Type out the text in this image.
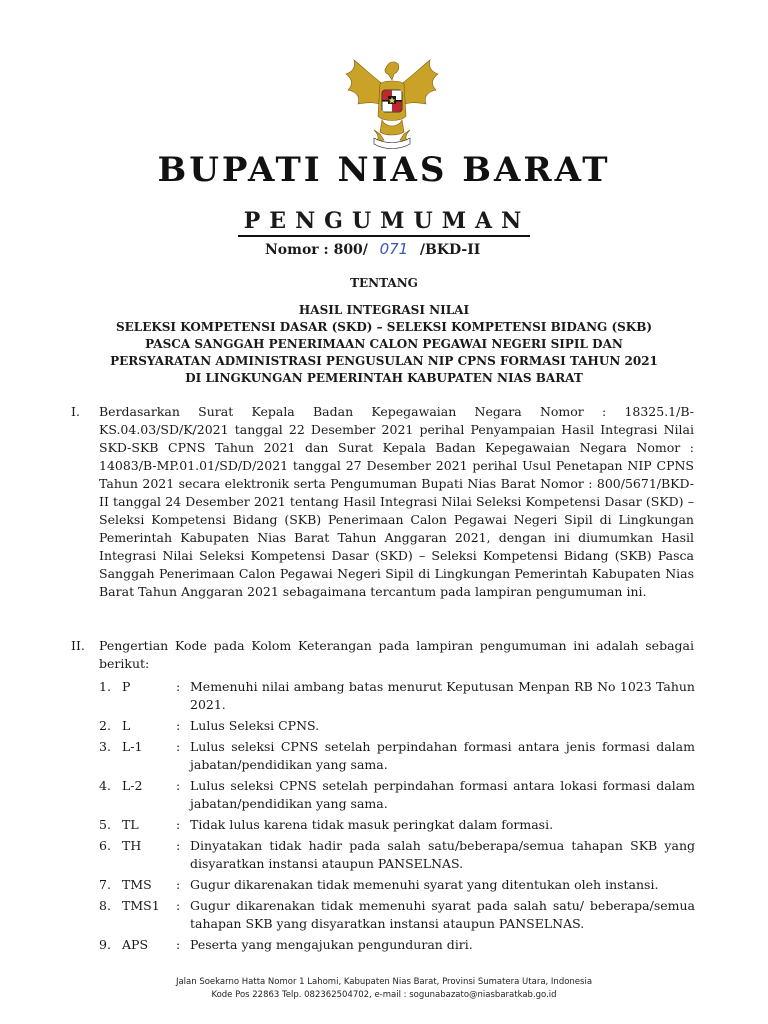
BUPATI NIAS BARAT
PENGUMUMAN
Nomor : 800/ 071 /BKD-II
TENTANG
HASIL INTEGRASI NILAI
SELEKSI KOMPETENSI DASAR (SKD) – SELEKSI KOMPETENSI BIDANG (SKB)
PASCA SANGGAH PENERIMAAN CALON PEGAWAI NEGERI SIPIL DAN
PERSYARATAN ADMINISTRASI PENGUSULAN NIP CPNS FORMASI TAHUN 2021
DI LINGKUNGAN PEMERINTAH KABUPATEN NIAS BARAT
I. Berdasarkan Surat Kepala Badan Kepegawaian Negara Nomor : 18325.1/B-KS.04.03/SD/K/2021 tanggal 22 Desember 2021 perihal Penyampaian Hasil Integrasi Nilai SKD-SKB CPNS Tahun 2021 dan Surat Kepala Badan Kepegawaian Negara Nomor : 14083/B-MP.01.01/SD/D/2021 tanggal 27 Desember 2021 perihal Usul Penetapan NIP CPNS Tahun 2021 secara elektronik serta Pengumuman Bupati Nias Barat Nomor : 800/5671/BKD-II tanggal 24 Desember 2021 tentang Hasil Integrasi Nilai Seleksi Kompetensi Dasar (SKD) – Seleksi Kompetensi Bidang (SKB) Penerimaan Calon Pegawai Negeri Sipil di Lingkungan Pemerintah Kabupaten Nias Barat Tahun Anggaran 2021, dengan ini diumumkan Hasil Integrasi Nilai Seleksi Kompetensi Dasar (SKD) – Seleksi Kompetensi Bidang (SKB) Pasca Sanggah Penerimaan Calon Pegawai Negeri Sipil di Lingkungan Pemerintah Kabupaten Nias Barat Tahun Anggaran 2021 sebagaimana tercantum pada lampiran pengumuman ini.
II. Pengertian Kode pada Kolom Keterangan pada lampiran pengumuman ini adalah sebagai berikut:
1. P	: Memenuhi nilai ambang batas menurut Keputusan Menpan RB No 1023 Tahun 2021.
2. L	: Lulus Seleksi CPNS.
3. L-1	: Lulus seleksi CPNS setelah perpindahan formasi antara jenis formasi dalam jabatan/pendidikan yang sama.
4. L-2	: Lulus seleksi CPNS setelah perpindahan formasi antara lokasi formasi dalam jabatan/pendidikan yang sama.
5. TL	: Tidak lulus karena tidak masuk peringkat dalam formasi.
6. TH	: Dinyatakan tidak hadir pada salah satu/beberapa/semua tahapan SKB yang disyaratkan instansi ataupun PANSELNAS.
7. TMS : Gugur dikarenakan tidak memenuhi syarat yang ditentukan oleh instansi.
8. TMS1 : Gugur dikarenakan tidak memenuhi syarat pada salah satu/ beberapa/semua tahapan SKB yang disyaratkan instansi ataupun PANSELNAS.
9. APS : Peserta yang mengajukan pengunduran diri.
Jalan Soekarno Hatta Nomor 1 Lahomi, Kabupaten Nias Barat, Provinsi Sumatera Utara, Indonesia
Kode Pos 22863 Telp. 082362504702, e-mail : sogunabazato@niasbaratkab.go.id
